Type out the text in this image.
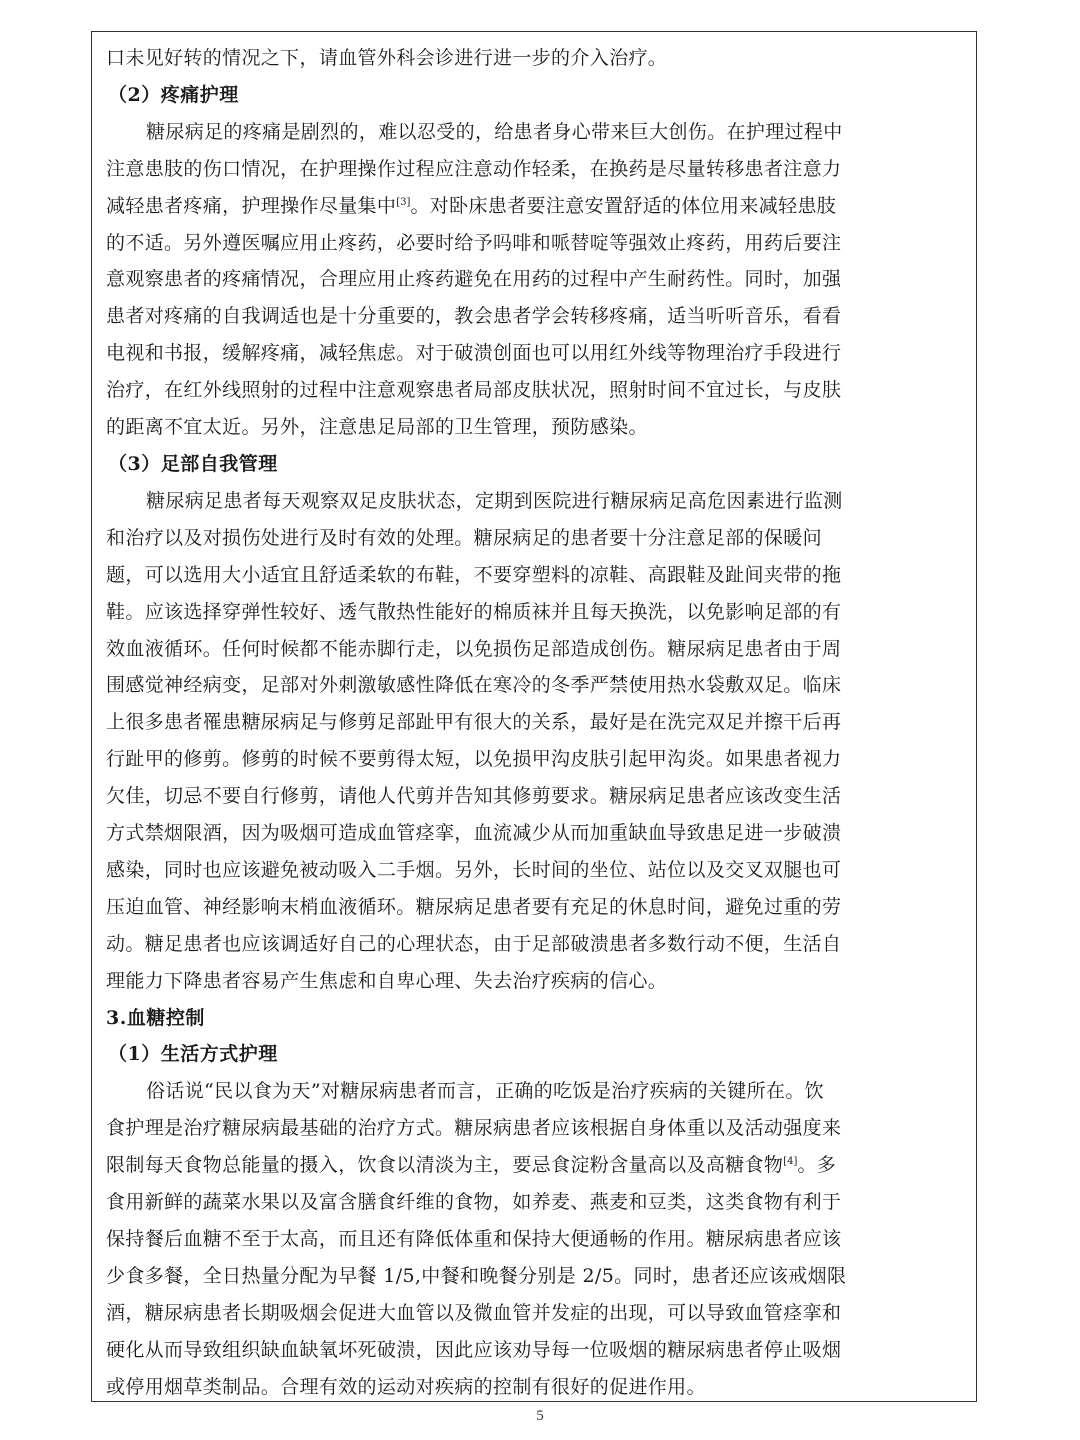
口未见好转的情况之下，请血管外科会诊进行进一步的介入治疗。
（2）疼痛护理
糖尿病足的疼痛是剧烈的，难以忍受的，给患者身心带来巨大创伤。在护理过程中
注意患肢的伤口情况，在护理操作过程应注意动作轻柔，在换药是尽量转移患者注意力
减轻患者疼痛，护理操作尽量集中[3]。对卧床患者要注意安置舒适的体位用来减轻患肢
的不适。另外遵医嘱应用止疼药，必要时给予吗啡和哌替啶等强效止疼药，用药后要注
意观察患者的疼痛情况，合理应用止疼药避免在用药的过程中产生耐药性。同时，加强
患者对疼痛的自我调适也是十分重要的，教会患者学会转移疼痛，适当听听音乐，看看
电视和书报，缓解疼痛，减轻焦虑。对于破溃创面也可以用红外线等物理治疗手段进行
治疗，在红外线照射的过程中注意观察患者局部皮肤状况，照射时间不宜过长，与皮肤
的距离不宜太近。另外，注意患足局部的卫生管理，预防感染。
（3）足部自我管理
糖尿病足患者每天观察双足皮肤状态，定期到医院进行糖尿病足高危因素进行监测
和治疗以及对损伤处进行及时有效的处理。糖尿病足的患者要十分注意足部的保暖问
题，可以选用大小适宜且舒适柔软的布鞋，不要穿塑料的凉鞋、高跟鞋及趾间夹带的拖
鞋。应该选择穿弹性较好、透气散热性能好的棉质袜并且每天换洗，以免影响足部的有
效血液循环。任何时候都不能赤脚行走，以免损伤足部造成创伤。糖尿病足患者由于周
围感觉神经病变，足部对外刺激敏感性降低在寒冷的冬季严禁使用热水袋敷双足。临床
上很多患者罹患糖尿病足与修剪足部趾甲有很大的关系，最好是在洗完双足并擦干后再
行趾甲的修剪。修剪的时候不要剪得太短，以免损甲沟皮肤引起甲沟炎。如果患者视力
欠佳，切忌不要自行修剪，请他人代剪并告知其修剪要求。糖尿病足患者应该改变生活
方式禁烟限酒，因为吸烟可造成血管痉挛，血流减少从而加重缺血导致患足进一步破溃
感染，同时也应该避免被动吸入二手烟。另外，长时间的坐位、站位以及交叉双腿也可
压迫血管、神经影响末梢血液循环。糖尿病足患者要有充足的休息时间，避免过重的劳
动。糖足患者也应该调适好自己的心理状态，由于足部破溃患者多数行动不便，生活自
理能力下降患者容易产生焦虑和自卑心理、失去治疗疾病的信心。
3.血糖控制
（1）生活方式护理
俗话说“民以食为天”对糖尿病患者而言，正确的吃饭是治疗疾病的关键所在。饮
食护理是治疗糖尿病最基础的治疗方式。糖尿病患者应该根据自身体重以及活动强度来
限制每天食物总能量的摄入，饮食以清淡为主，要忌食淀粉含量高以及高糖食物[4]。多
食用新鲜的蔬菜水果以及富含膳食纤维的食物，如养麦、燕麦和豆类，这类食物有利于
保持餐后血糖不至于太高，而且还有降低体重和保持大便通畅的作用。糖尿病患者应该
少食多餐，全日热量分配为早餐 1/5,中餐和晚餐分别是 2/5。同时，患者还应该戒烟限
酒，糖尿病患者长期吸烟会促进大血管以及微血管并发症的出现，可以导致血管痉挛和
硬化从而导致组织缺血缺氧坏死破溃，因此应该劝导每一位吸烟的糖尿病患者停止吸烟
或停用烟草类制品。合理有效的运动对疾病的控制有很好的促进作用。
5
